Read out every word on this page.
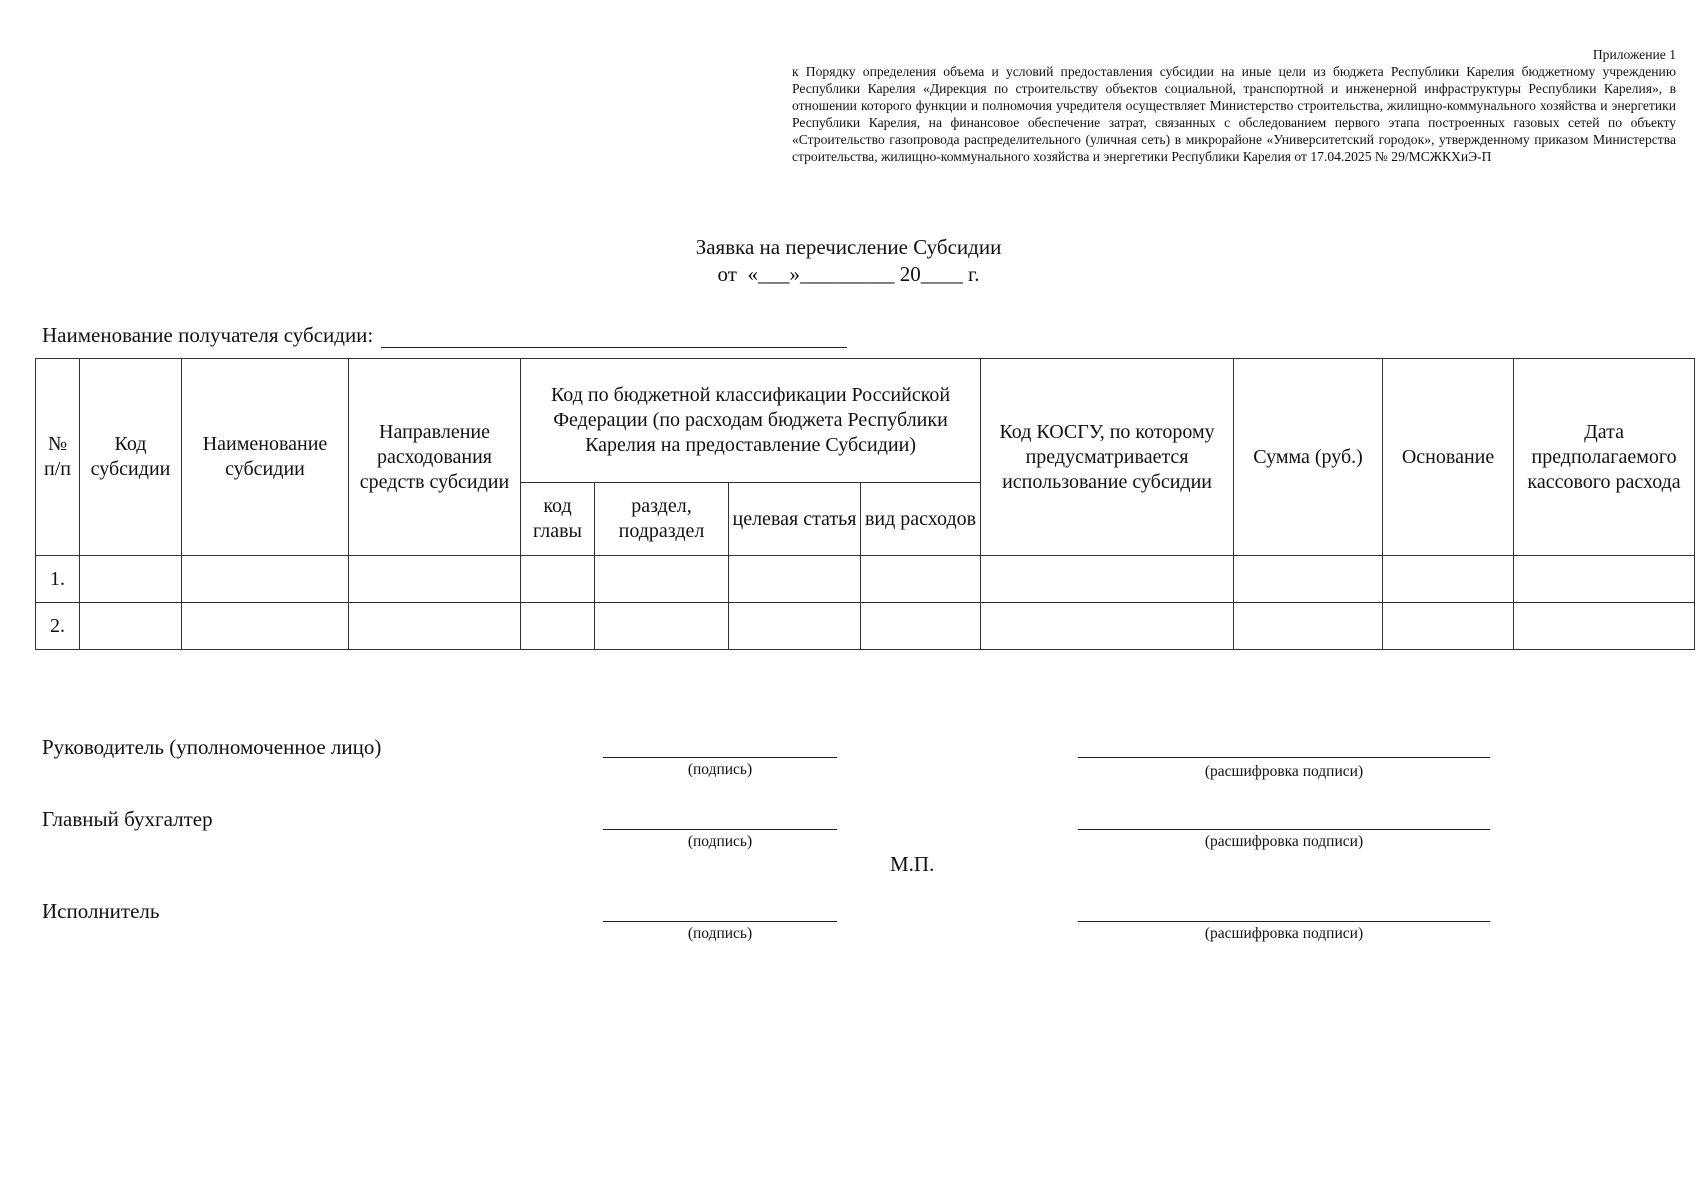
Приложение 1
к Порядку определения объема и условий предоставления субсидии на иные цели из бюджета Республики Карелия бюджетному учреждению Республики Карелия «Дирекция по строительству объектов социальной, транспортной и инженерной инфраструктуры Республики Карелия», в отношении которого функции и полномочия учредителя осуществляет Министерство строительства, жилищно-коммунального хозяйства и энергетики Республики Карелия, на финансовое обеспечение затрат, связанных с обследованием первого этапа построенных газовых сетей по объекту «Строительство газопровода распределительного (уличная сеть) в микрорайоне «Университетский городок», утвержденному приказом Министерства строительства, жилищно-коммунального хозяйства и энергетики Республики Карелия от 17.04.2025 № 29/МСЖКХиЭ-П
Заявка на перечисление Субсидии
от  «___»_________ 20____ г.
Наименование получателя субсидии:
№ п/п	Код субсидии	Наименование субсидии	Направление расходования средств субсидии	Код по бюджетной классификации Российской Федерации (по расходам бюджета Республики Карелия на предоставление Субсидии)				Код КОСГУ, по которому предусматривается использование субсидии	Сумма (руб.)	Основание	Дата предполагаемого кассового расхода
				код главы	раздел, подраздел	целевая статья	вид расходов				
1.											
2.											
Руководитель (уполномоченное лицо)
(подпись)	(расшифровка подписи)
Главный бухгалтер
(подпись)	(расшифровка подписи)
М.П.
Исполнитель
(подпись)	(расшифровка подписи)
